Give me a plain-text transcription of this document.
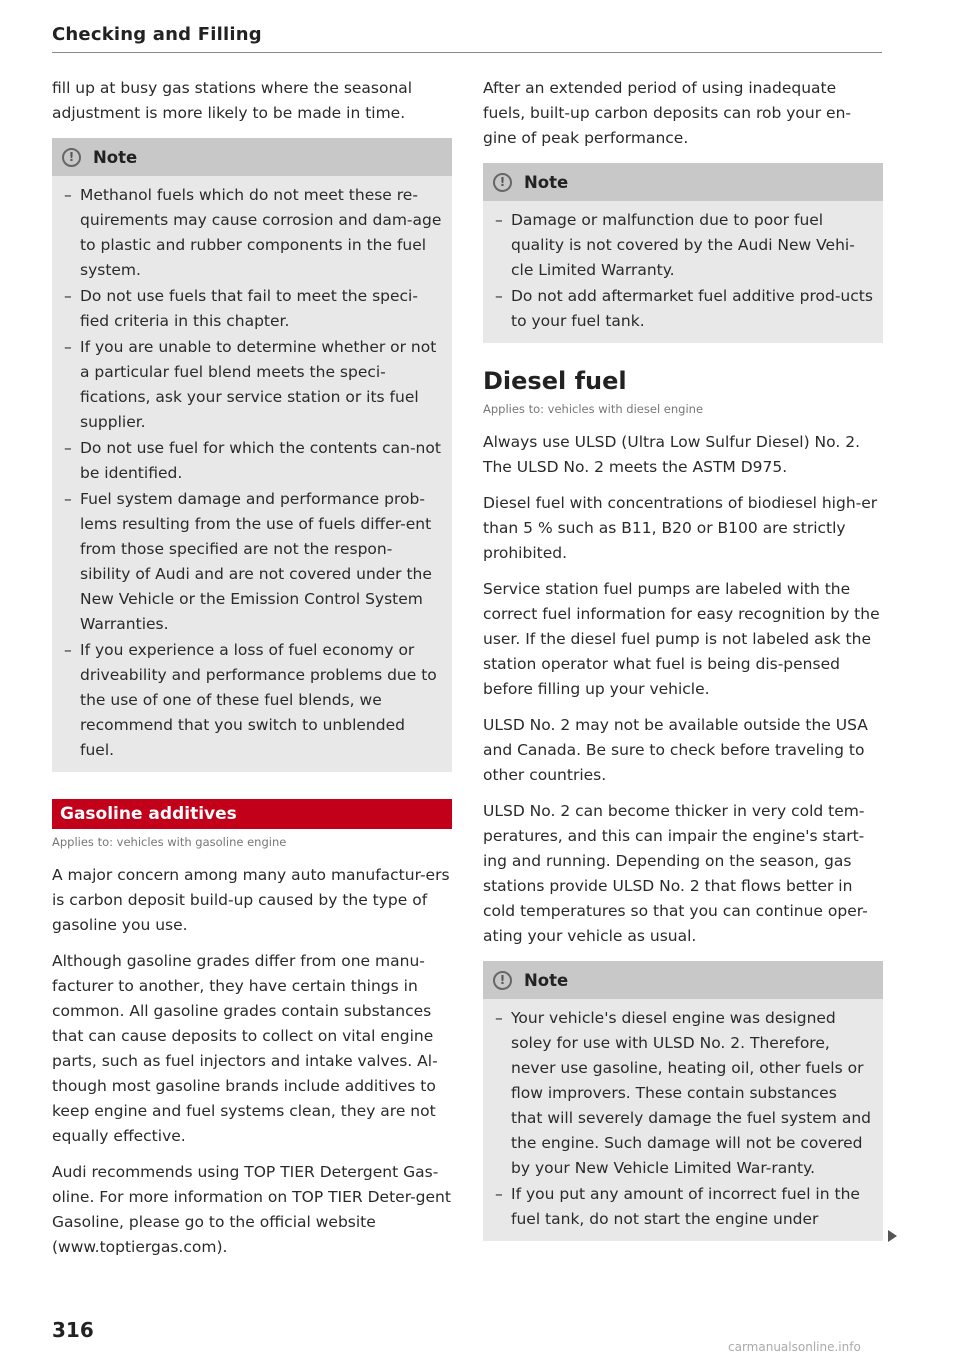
Checking and Filling

fill up at busy gas stations where the seasonal adjustment is more likely to be made in time.

!	Note
– Methanol fuels which do not meet these re-quirements may cause corrosion and dam-age to plastic and rubber components in the fuel system.
– Do not use fuels that fail to meet the speci-fied criteria in this chapter.
– If you are unable to determine whether or not a particular fuel blend meets the speci-fications, ask your service station or its fuel supplier.
– Do not use fuel for which the contents can-not be identified.
– Fuel system damage and performance prob-lems resulting from the use of fuels differ-ent from those specified are not the respon-sibility of Audi and are not covered under the New Vehicle or the Emission Control System Warranties.
– If you experience a loss of fuel economy or driveability and performance problems due to the use of one of these fuel blends, we recommend that you switch to unblended fuel.
Gasoline additives
Applies to: vehicles with gasoline engine

A major concern among many auto manufactur-ers is carbon deposit build-up caused by the type of gasoline you use.

Although gasoline grades differ from one manu-facturer to another, they have certain things in common. All gasoline grades contain substances that can cause deposits to collect on vital engine parts, such as fuel injectors and intake valves. Al-though most gasoline brands include additives to keep engine and fuel systems clean, they are not equally effective.

Audi recommends using TOP TIER Detergent Gas-oline. For more information on TOP TIER Deter-gent Gasoline, please go to the official website (www.toptiergas.com).

After an extended period of using inadequate fuels, built-up carbon deposits can rob your en-gine of peak performance.

!	Note
– Damage or malfunction due to poor fuel quality is not covered by the Audi New Vehi-cle Limited Warranty.
– Do not add aftermarket fuel additive prod-ucts to your fuel tank.
Diesel fuel
Applies to: vehicles with diesel engine

Always use ULSD (Ultra Low Sulfur Diesel) No. 2. The ULSD No. 2 meets the ASTM D975.

Diesel fuel with concentrations of biodiesel high-er than 5 % such as B11, B20 or B100 are strictly prohibited.

Service station fuel pumps are labeled with the correct fuel information for easy recognition by the user. If the diesel fuel pump is not labeled ask the station operator what fuel is being dis-pensed before filling up your vehicle.

ULSD No. 2 may not be available outside the USA and Canada. Be sure to check before traveling to other countries.

ULSD No. 2 can become thicker in very cold tem-peratures, and this can impair the engine's start-ing and running. Depending on the season, gas stations provide ULSD No. 2 that flows better in cold temperatures so that you can continue oper-ating your vehicle as usual.

!	Note
– Your vehicle's diesel engine was designed soley for use with ULSD No. 2. Therefore, never use gasoline, heating oil, other fuels or flow improvers. These contain substances that will severely damage the fuel system and the engine. Such damage will not be covered by your New Vehicle Limited War-ranty.
– If you put any amount of incorrect fuel in the fuel tank, do not start the engine under
316
carmanualsonline.info
